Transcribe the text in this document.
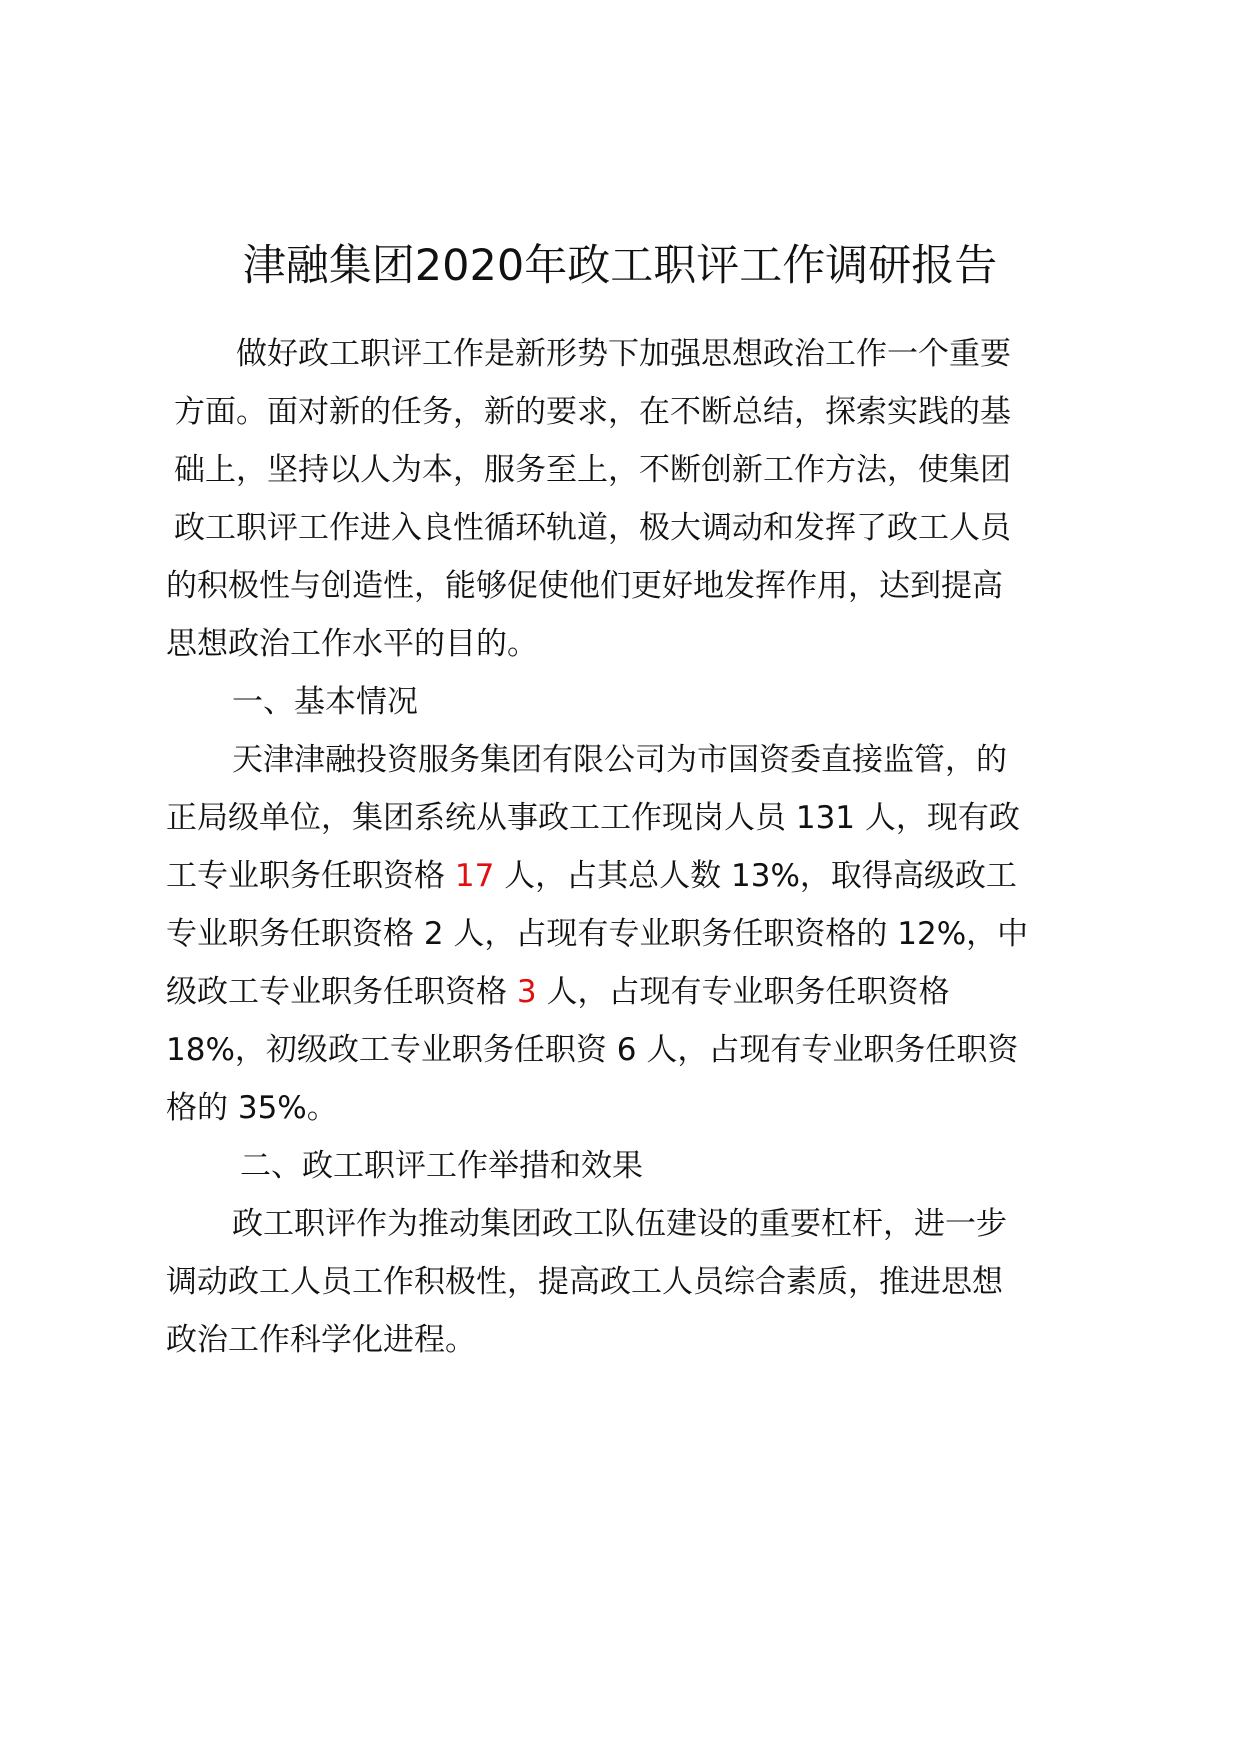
津融集团2020年政工职评工作调研报告
做好政工职评工作是新形势下加强思想政治工作一个重要
方面。面对新的任务，新的要求，在不断总结，探索实践的基
础上，坚持以人为本，服务至上，不断创新工作方法，使集团
政工职评工作进入良性循环轨道，极大调动和发挥了政工人员
的积极性与创造性，能够促使他们更好地发挥作用，达到提高
思想政治工作水平的目的。
一、基本情况
天津津融投资服务集团有限公司为市国资委直接监管，的
正局级单位，集团系统从事政工工作现岗人员 131 人，现有政
工专业职务任职资格 17 人，占其总人数 13%，取得高级政工
专业职务任职资格 2 人，占现有专业职务任职资格的 12%，中
级政工专业职务任职资格 3 人，占现有专业职务任职资格
18%，初级政工专业职务任职资 6 人，占现有专业职务任职资
格的 35%。
二、政工职评工作举措和效果
政工职评作为推动集团政工队伍建设的重要杠杆，进一步
调动政工人员工作积极性，提高政工人员综合素质，推进思想
政治工作科学化进程。
